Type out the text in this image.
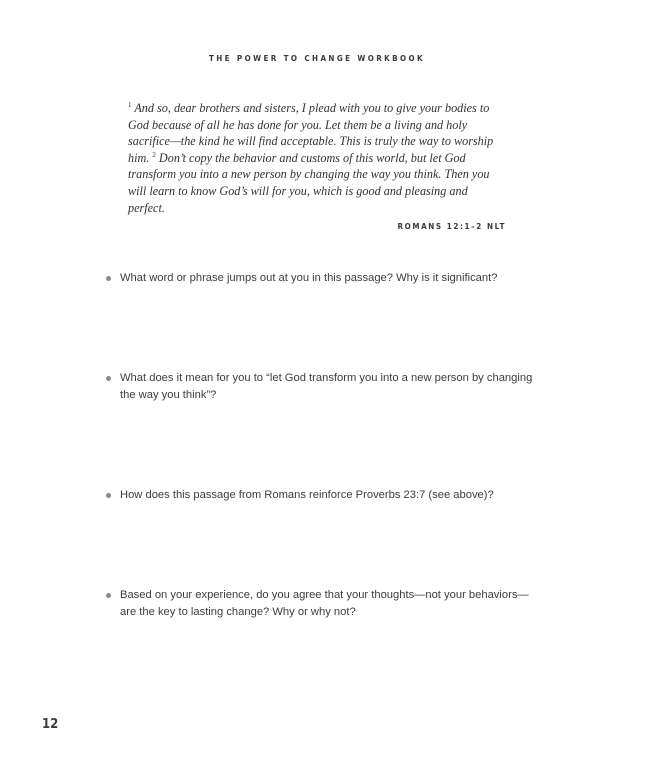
THE POWER TO CHANGE WORKBOOK

$^1$ And so, dear brothers and sisters, I plead with you to give your bodies to God because of all he has done for you. Let them be a living and holy sacrifice—the kind he will find acceptable. This is truly the way to worship him. $^2$ Don’t copy the behavior and customs of this world, but let God transform you into a new person by changing the way you think. Then you will learn to know God’s will for you, which is good and pleasing and perfect.

ROMANS 12:1–2 NLT
What word or phrase jumps out at you in this passage? Why is it significant?
What does it mean for you to “let God transform you into a new person by changing the way you think”?
How does this passage from Romans reinforce Proverbs 23:7 (see above)?
Based on your experience, do you agree that your thoughts—not your behaviors—are the key to lasting change? Why or why not?
12
